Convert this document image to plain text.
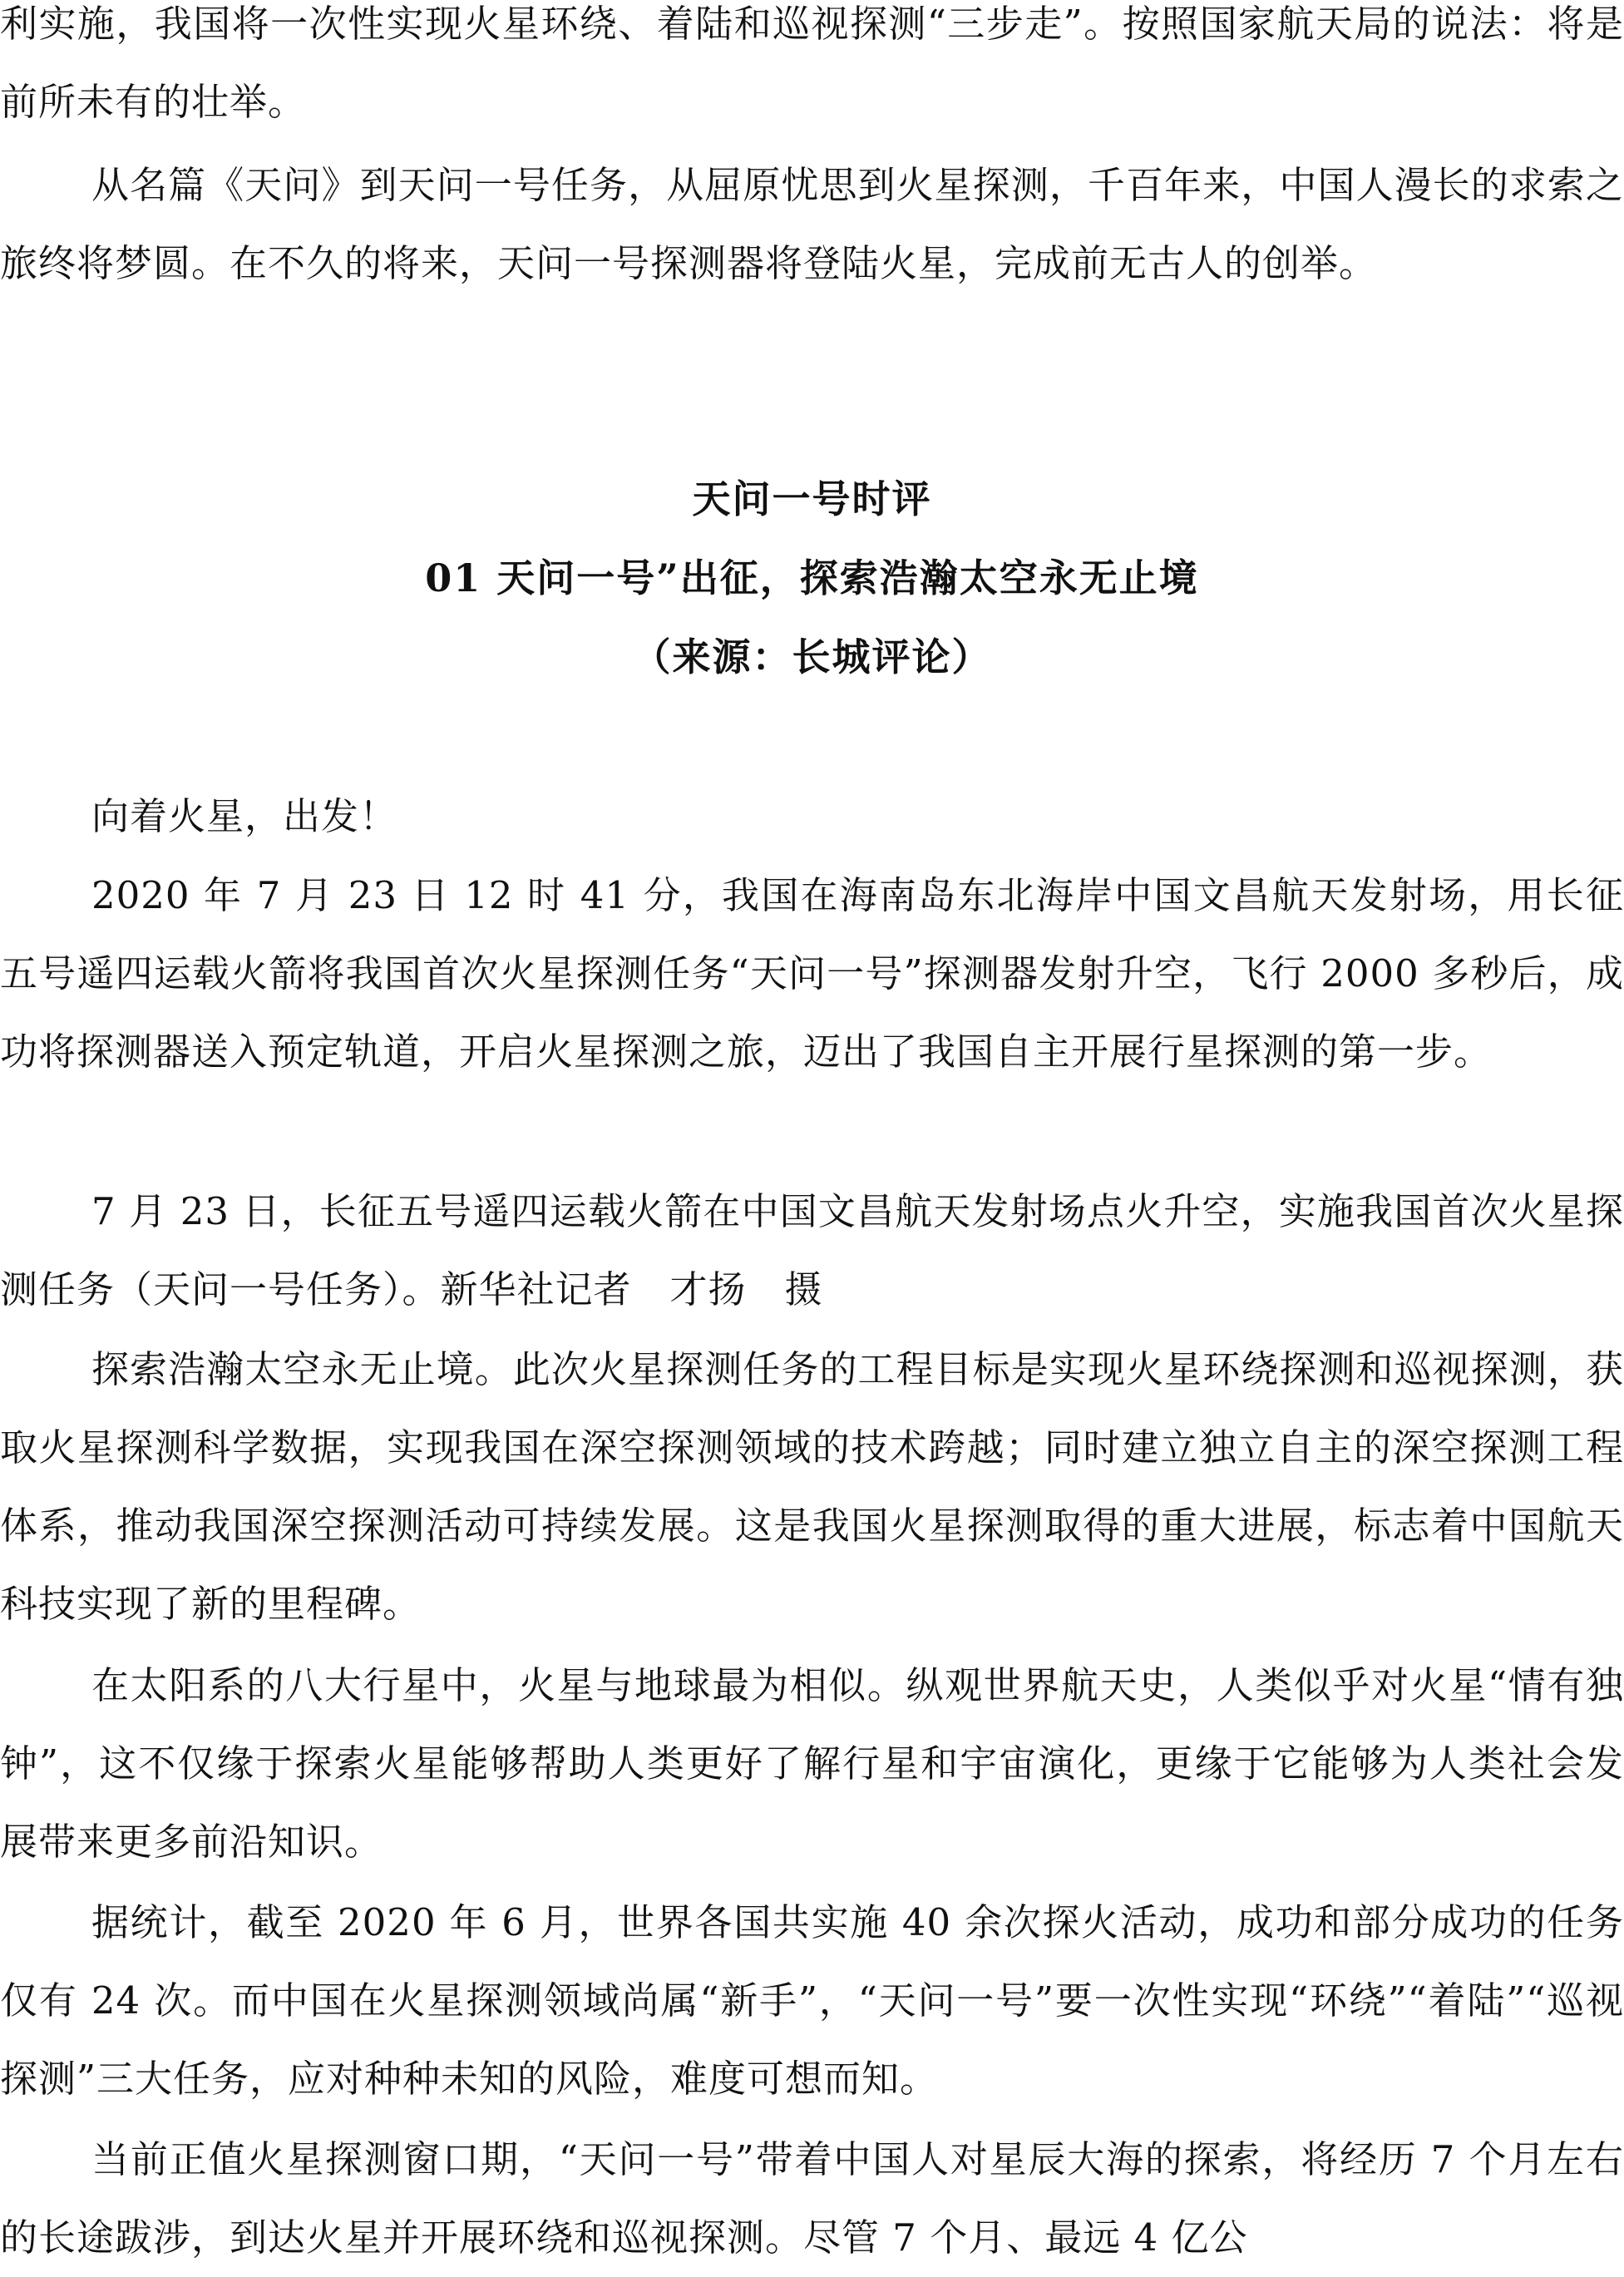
利实施，我国将一次性实现火星环绕、着陆和巡视探测“三步走”。按照国家航天局的说法：将是前所未有的壮举。

从名篇《天问》到天问一号任务，从屈原忧思到火星探测，千百年来，中国人漫长的求索之旅终将梦圆。在不久的将来，天问一号探测器将登陆火星，完成前无古人的创举。

天问一号时评
01 天问一号”出征，探索浩瀚太空永无止境
（来源：长城评论）

向着火星，出发！

2020 年 7 月 23 日 12 时 41 分，我国在海南岛东北海岸中国文昌航天发射场，用长征五号遥四运载火箭将我国首次火星探测任务“天问一号”探测器发射升空，飞行 2000 多秒后，成功将探测器送入预定轨道，开启火星探测之旅，迈出了我国自主开展行星探测的第一步。

7 月 23 日，长征五号遥四运载火箭在中国文昌航天发射场点火升空，实施我国首次火星探测任务（天问一号任务）。新华社记者　才扬　摄

探索浩瀚太空永无止境。此次火星探测任务的工程目标是实现火星环绕探测和巡视探测，获取火星探测科学数据，实现我国在深空探测领域的技术跨越；同时建立独立自主的深空探测工程体系，推动我国深空探测活动可持续发展。这是我国火星探测取得的重大进展，标志着中国航天科技实现了新的里程碑。

在太阳系的八大行星中，火星与地球最为相似。纵观世界航天史，人类似乎对火星“情有独钟”，这不仅缘于探索火星能够帮助人类更好了解行星和宇宙演化，更缘于它能够为人类社会发展带来更多前沿知识。

据统计，截至 2020 年 6 月，世界各国共实施 40 余次探火活动，成功和部分成功的任务仅有 24 次。而中国在火星探测领域尚属“新手”，“天问一号”要一次性实现“环绕”“着陆”“巡视探测”三大任务，应对种种未知的风险，难度可想而知。

当前正值火星探测窗口期，“天问一号”带着中国人对星辰大海的探索，将经历 7 个月左右的长途跋涉，到达火星并开展环绕和巡视探测。尽管 7 个月、最远 4 亿公
